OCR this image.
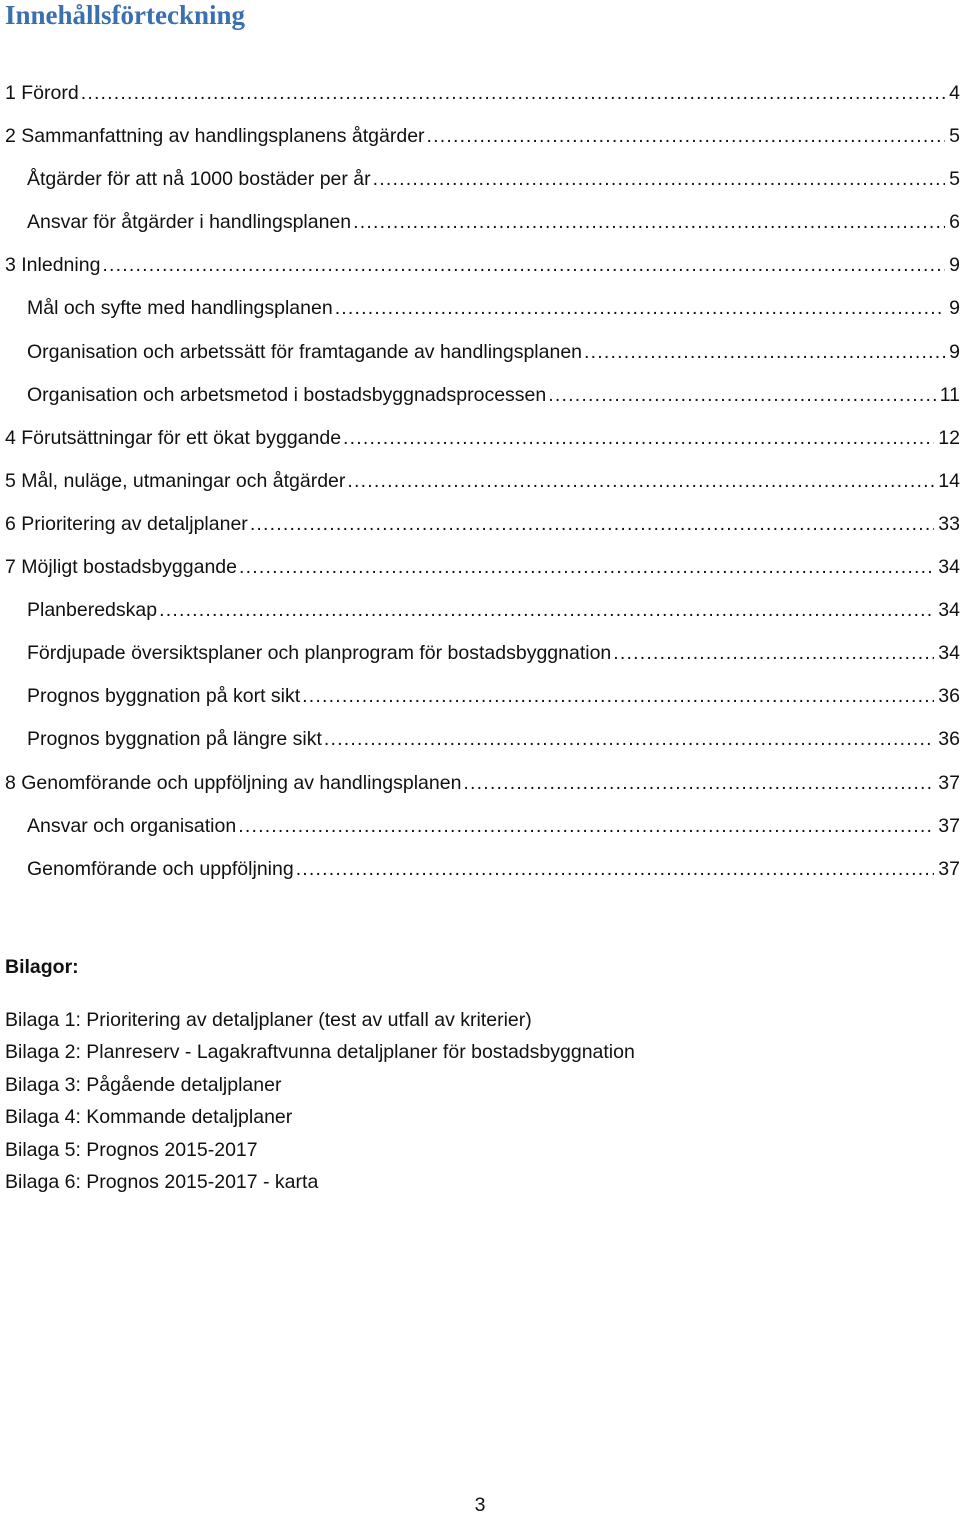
Innehållsförteckning
1 Förord .....	4
2 Sammanfattning av handlingsplanens åtgärder .....	5
Åtgärder för att nå 1000 bostäder per år .....	5
Ansvar för åtgärder i handlingsplanen .....	6
3 Inledning .....	9
Mål och syfte med handlingsplanen .....	9
Organisation och arbetssätt för framtagande av handlingsplanen .....	9
Organisation och arbetsmetod i bostadsbyggnadsprocessen .....	11
4 Förutsättningar för ett ökat byggande .....	12
5 Mål, nuläge, utmaningar och åtgärder .....	14
6 Prioritering av detaljplaner .....	33
7 Möjligt bostadsbyggande .....	34
Planberedskap .....	34
Fördjupade översiktsplaner och planprogram för bostadsbyggnation .....	34
Prognos byggnation på kort sikt .....	36
Prognos byggnation på längre sikt .....	36
8 Genomförande och uppföljning av handlingsplanen .....	37
Ansvar och organisation .....	37
Genomförande och uppföljning .....	37
Bilagor:
Bilaga 1: Prioritering av detaljplaner (test av utfall av kriterier)
Bilaga 2: Planreserv - Lagakraftvunna detaljplaner för bostadsbyggnation
Bilaga 3: Pågående detaljplaner
Bilaga 4: Kommande detaljplaner
Bilaga 5: Prognos 2015-2017
Bilaga 6: Prognos 2015-2017 - karta
3
